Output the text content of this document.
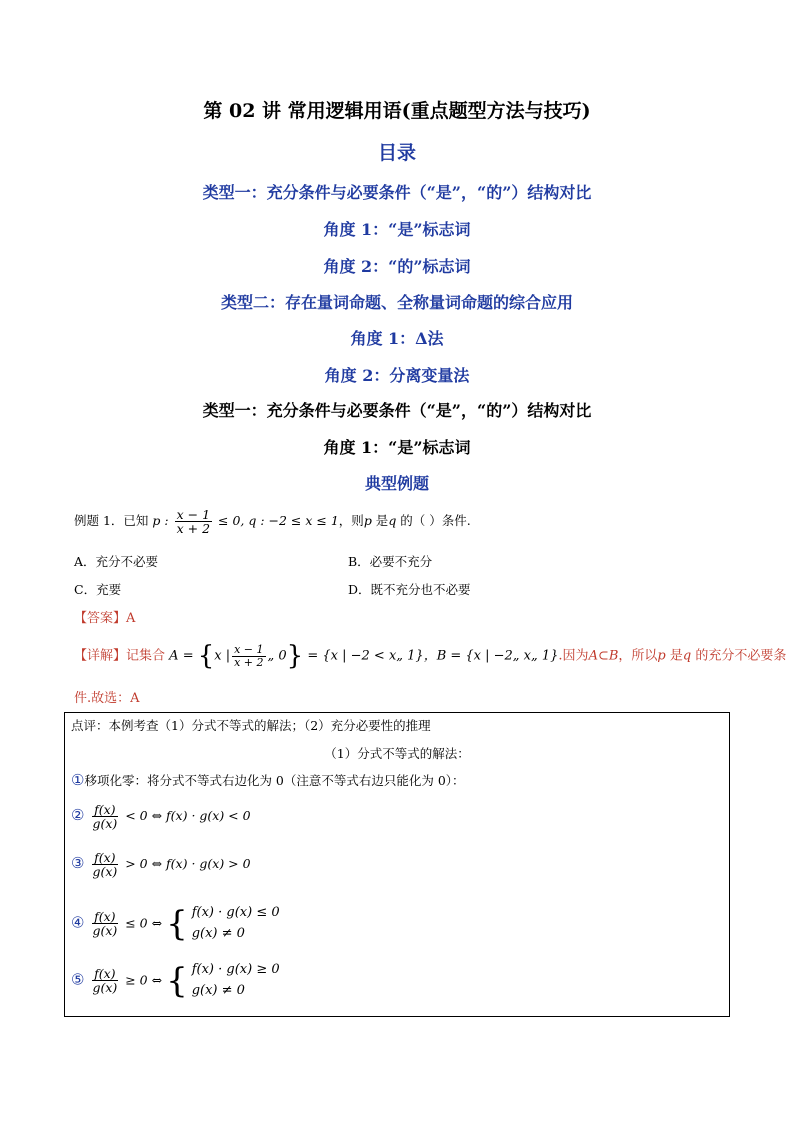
第 02 讲 常用逻辑用语(重点题型方法与技巧)
目录
类型一：充分条件与必要条件（“是”，“的”）结构对比
角度 1：“是”标志词
角度 2：“的”标志词
类型二：存在量词命题、全称量词命题的综合应用
角度 1：Δ法
角度 2：分离变量法
类型一：充分条件与必要条件（“是”，“的”）结构对比
角度 1：“是”标志词
典型例题
例题 1．已知 p : $\frac{x - 1}{x + 2} \le 0$, q : −2 ≤ x ≤ 1，则p 是q 的（ ）条件.
A．充分不必要	B．必要不充分
C．充要	D．既不充分也不必要
【答案】A
【详解】记集合 A = {x | $\frac{x - 1}{x + 2}$ „ 0} = {x | −2 < x„ 1}，B = {x | −2„ x„ 1}.因为A⊂B，所以p 是q 的充分不必要条
件.故选：A
点评：本例考查（1）分式不等式的解法；（2）充分必要性的推理
（1）分式不等式的解法：
①移项化零：将分式不等式右边化为 0（注意不等式右边只能化为 0）：
② $\frac{f(x)}{g(x)} < 0$ ⇔ f(x) · g(x) < 0
③ $\frac{f(x)}{g(x)} > 0$ ⇔ f(x) · g(x) > 0
④ $\frac{f(x)}{g(x)} \le 0$ ⇔ { f(x) · g(x) ≤ 0
g(x) ≠ 0
⑤ $\frac{f(x)}{g(x)} \ge 0$ ⇔ { f(x) · g(x) ≥ 0
g(x) ≠ 0
